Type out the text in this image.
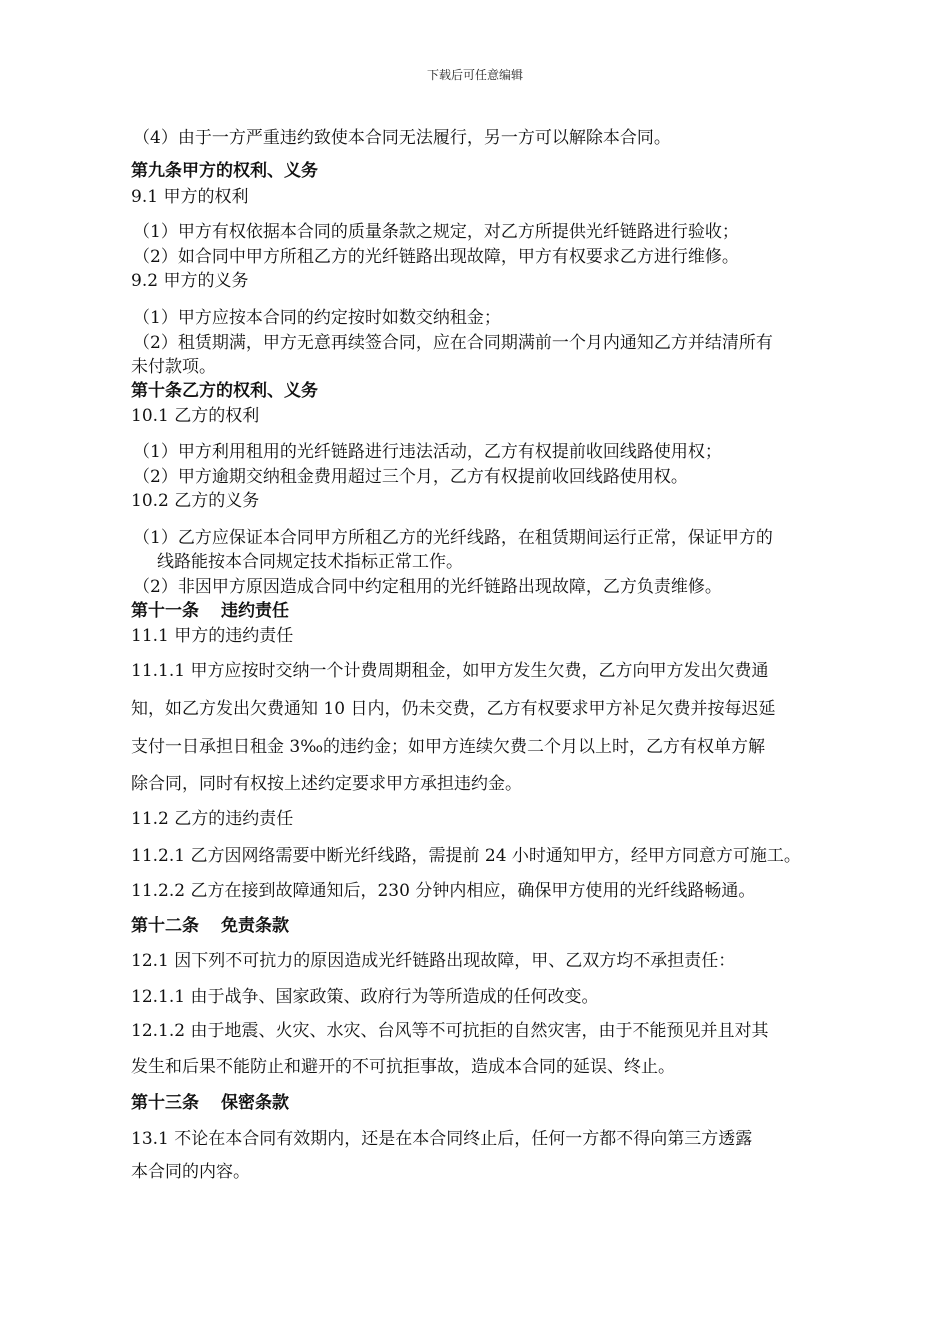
下载后可任意编辑
（4）由于一方严重违约致使本合同无法履行，另一方可以解除本合同。
第九条甲方的权利、义务
9.1 甲方的权利
（1）甲方有权依据本合同的质量条款之规定，对乙方所提供光纤链路进行验收；
（2）如合同中甲方所租乙方的光纤链路出现故障，甲方有权要求乙方进行维修。
9.2 甲方的义务
（1）甲方应按本合同的约定按时如数交纳租金；
（2）租赁期满，甲方无意再续签合同，应在合同期满前一个月内通知乙方并结清所有
未付款项。
第十条乙方的权利、义务
10.1 乙方的权利
（1）甲方利用租用的光纤链路进行违法活动，乙方有权提前收回线路使用权；
（2）甲方逾期交纳租金费用超过三个月，乙方有权提前收回线路使用权。
10.2 乙方的义务
（1）乙方应保证本合同甲方所租乙方的光纤线路，在租赁期间运行正常，保证甲方的
线路能按本合同规定技术指标正常工作。
（2）非因甲方原因造成合同中约定租用的光纤链路出现故障，乙方负责维修。
第十一条 违约责任
11.1 甲方的违约责任
11.1.1 甲方应按时交纳一个计费周期租金，如甲方发生欠费，乙方向甲方发出欠费通
知，如乙方发出欠费通知 10 日内，仍未交费，乙方有权要求甲方补足欠费并按每迟延
支付一日承担日租金 3‰的违约金；如甲方连续欠费二个月以上时，乙方有权单方解
除合同，同时有权按上述约定要求甲方承担违约金。
11.2 乙方的违约责任
11.2.1 乙方因网络需要中断光纤线路，需提前 24 小时通知甲方，经甲方同意方可施工。
11.2.2 乙方在接到故障通知后，230 分钟内相应，确保甲方使用的光纤线路畅通。
第十二条 免责条款
12.1 因下列不可抗力的原因造成光纤链路出现故障，甲、乙双方均不承担责任：
12.1.1 由于战争、国家政策、政府行为等所造成的任何改变。
12.1.2 由于地震、火灾、水灾、台风等不可抗拒的自然灾害，由于不能预见并且对其
发生和后果不能防止和避开的不可抗拒事故，造成本合同的延误、终止。
第十三条 保密条款
13.1 不论在本合同有效期内，还是在本合同终止后，任何一方都不得向第三方透露
本合同的内容。
